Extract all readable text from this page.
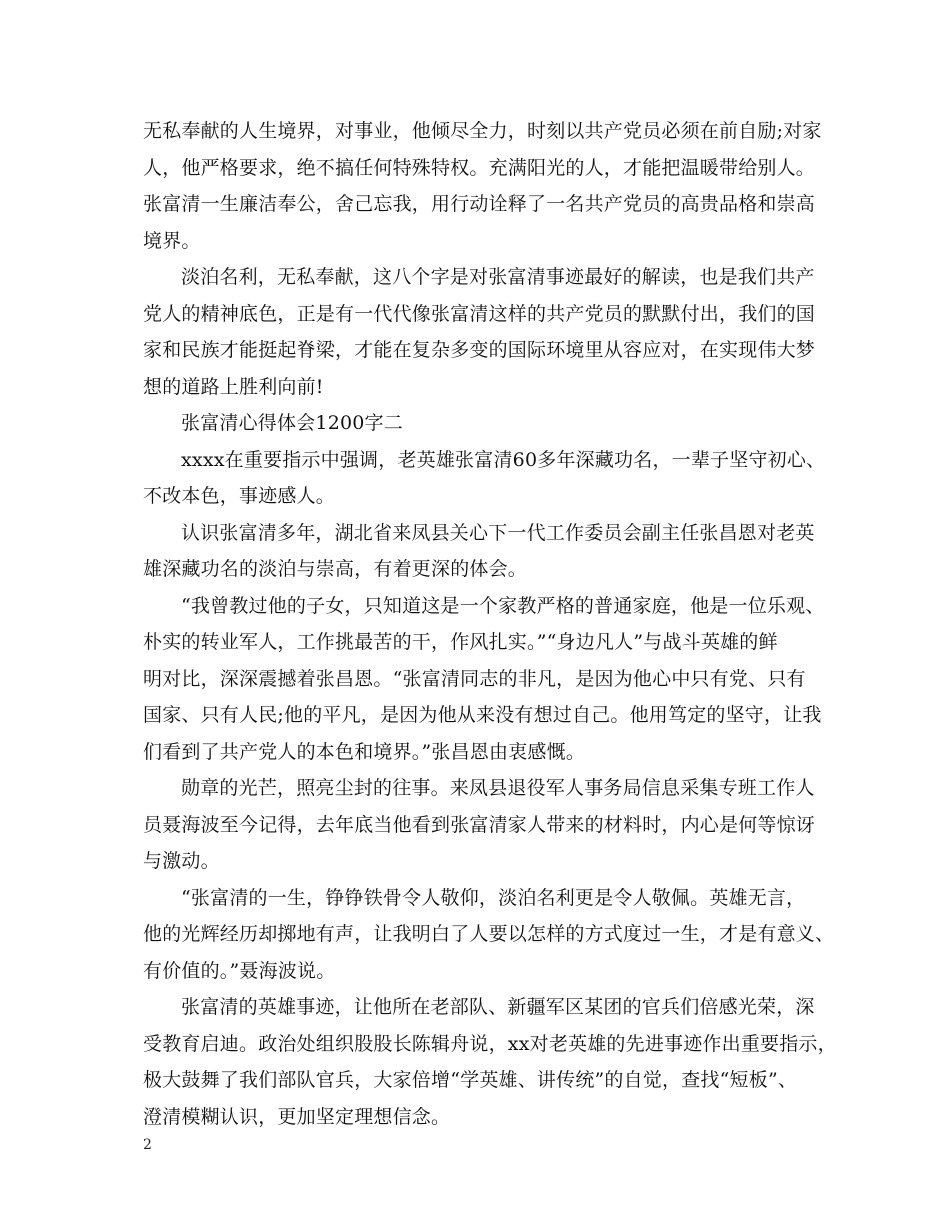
无私奉献的人生境界，对事业，他倾尽全力，时刻以共产党员必须在前自励;对家
人，他严格要求，绝不搞任何特殊特权。充满阳光的人，才能把温暖带给别人。
张富清一生廉洁奉公，舍己忘我，用行动诠释了一名共产党员的高贵品格和崇高
境界。

淡泊名利，无私奉献，这八个字是对张富清事迹最好的解读，也是我们共产
党人的精神底色，正是有一代代像张富清这样的共产党员的默默付出，我们的国
家和民族才能挺起脊梁，才能在复杂多变的国际环境里从容应对，在实现伟大梦
想的道路上胜利向前!

张富清心得体会1200字二

xxxx在重要指示中强调，老英雄张富清60多年深藏功名，一辈子坚守初心、
不改本色，事迹感人。

认识张富清多年，湖北省来凤县关心下一代工作委员会副主任张昌恩对老英
雄深藏功名的淡泊与崇高，有着更深的体会。

“我曾教过他的子女，只知道这是一个家教严格的普通家庭，他是一位乐观、
朴实的转业军人，工作挑最苦的干，作风扎实。”“身边凡人”与战斗英雄的鲜
明对比，深深震撼着张昌恩。“张富清同志的非凡，是因为他心中只有党、只有
国家、只有人民;他的平凡，是因为他从来没有想过自己。他用笃定的坚守，让我
们看到了共产党人的本色和境界。”张昌恩由衷感慨。

勋章的光芒，照亮尘封的往事。来凤县退役军人事务局信息采集专班工作人
员聂海波至今记得，去年底当他看到张富清家人带来的材料时，内心是何等惊讶
与激动。

“张富清的一生，铮铮铁骨令人敬仰，淡泊名利更是令人敬佩。英雄无言，
他的光辉经历却掷地有声，让我明白了人要以怎样的方式度过一生，才是有意义、
有价值的。”聂海波说。

张富清的英雄事迹，让他所在老部队、新疆军区某团的官兵们倍感光荣，深
受教育启迪。政治处组织股股长陈辑舟说，xx对老英雄的先进事迹作出重要指示，
极大鼓舞了我们部队官兵，大家倍增“学英雄、讲传统”的自觉，查找“短板”、
澄清模糊认识，更加坚定理想信念。

2
